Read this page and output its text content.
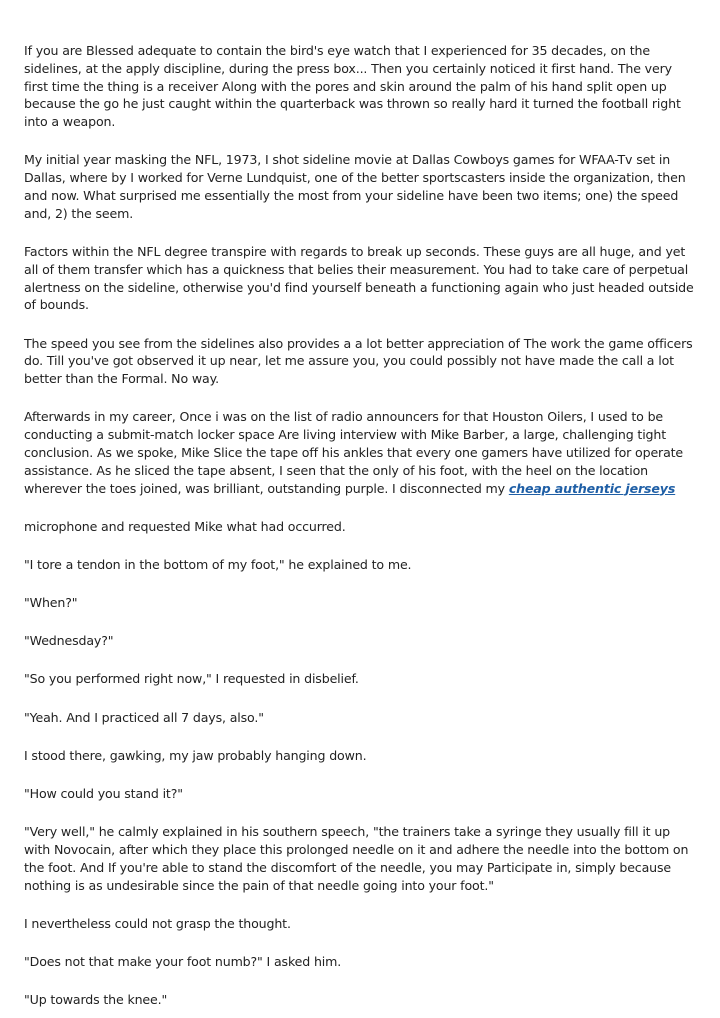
If you are Blessed adequate to contain the bird's eye watch that I experienced for 35 decades, on the sidelines, at the apply discipline, during the press box... Then you certainly noticed it first hand. The very first time the thing is a receiver Along with the pores and skin around the palm of his hand split open up because the go he just caught within the quarterback was thrown so really hard it turned the football right into a weapon.

My initial year masking the NFL, 1973, I shot sideline movie at Dallas Cowboys games for WFAA-Tv set in Dallas, where by I worked for Verne Lundquist, one of the better sportscasters inside the organization, then and now. What surprised me essentially the most from your sideline have been two items; one) the speed and, 2) the seem.

Factors within the NFL degree transpire with regards to break up seconds. These guys are all huge, and yet all of them transfer which has a quickness that belies their measurement. You had to take care of perpetual alertness on the sideline, otherwise you'd find yourself beneath a functioning again who just headed outside of bounds.

The speed you see from the sidelines also provides a a lot better appreciation of The work the game officers do. Till you've got observed it up near, let me assure you, you could possibly not have made the call a lot better than the Formal. No way.

Afterwards in my career, Once i was on the list of radio announcers for that Houston Oilers, I used to be conducting a submit-match locker space Are living interview with Mike Barber, a large, challenging tight conclusion. As we spoke, Mike Slice the tape off his ankles that every one gamers have utilized for operate assistance. As he sliced the tape absent, I seen that the only of his foot, with the heel on the location wherever the toes joined, was brilliant, outstanding purple. I disconnected my cheap authentic jerseys

microphone and requested Mike what had occurred.

"I tore a tendon in the bottom of my foot," he explained to me.

"When?"

"Wednesday?"

"So you performed right now," I requested in disbelief.

"Yeah. And I practiced all 7 days, also."

I stood there, gawking, my jaw probably hanging down.

"How could you stand it?"

"Very well," he calmly explained in his southern speech, "the trainers take a syringe they usually fill it up with Novocain, after which they place this prolonged needle on it and adhere the needle into the bottom on the foot. And If you're able to stand the discomfort of the needle, you may Participate in, simply because nothing is as undesirable since the pain of that needle going into your foot."

I nevertheless could not grasp the thought.

"Does not that make your foot numb?" I asked him.

"Up towards the knee."
